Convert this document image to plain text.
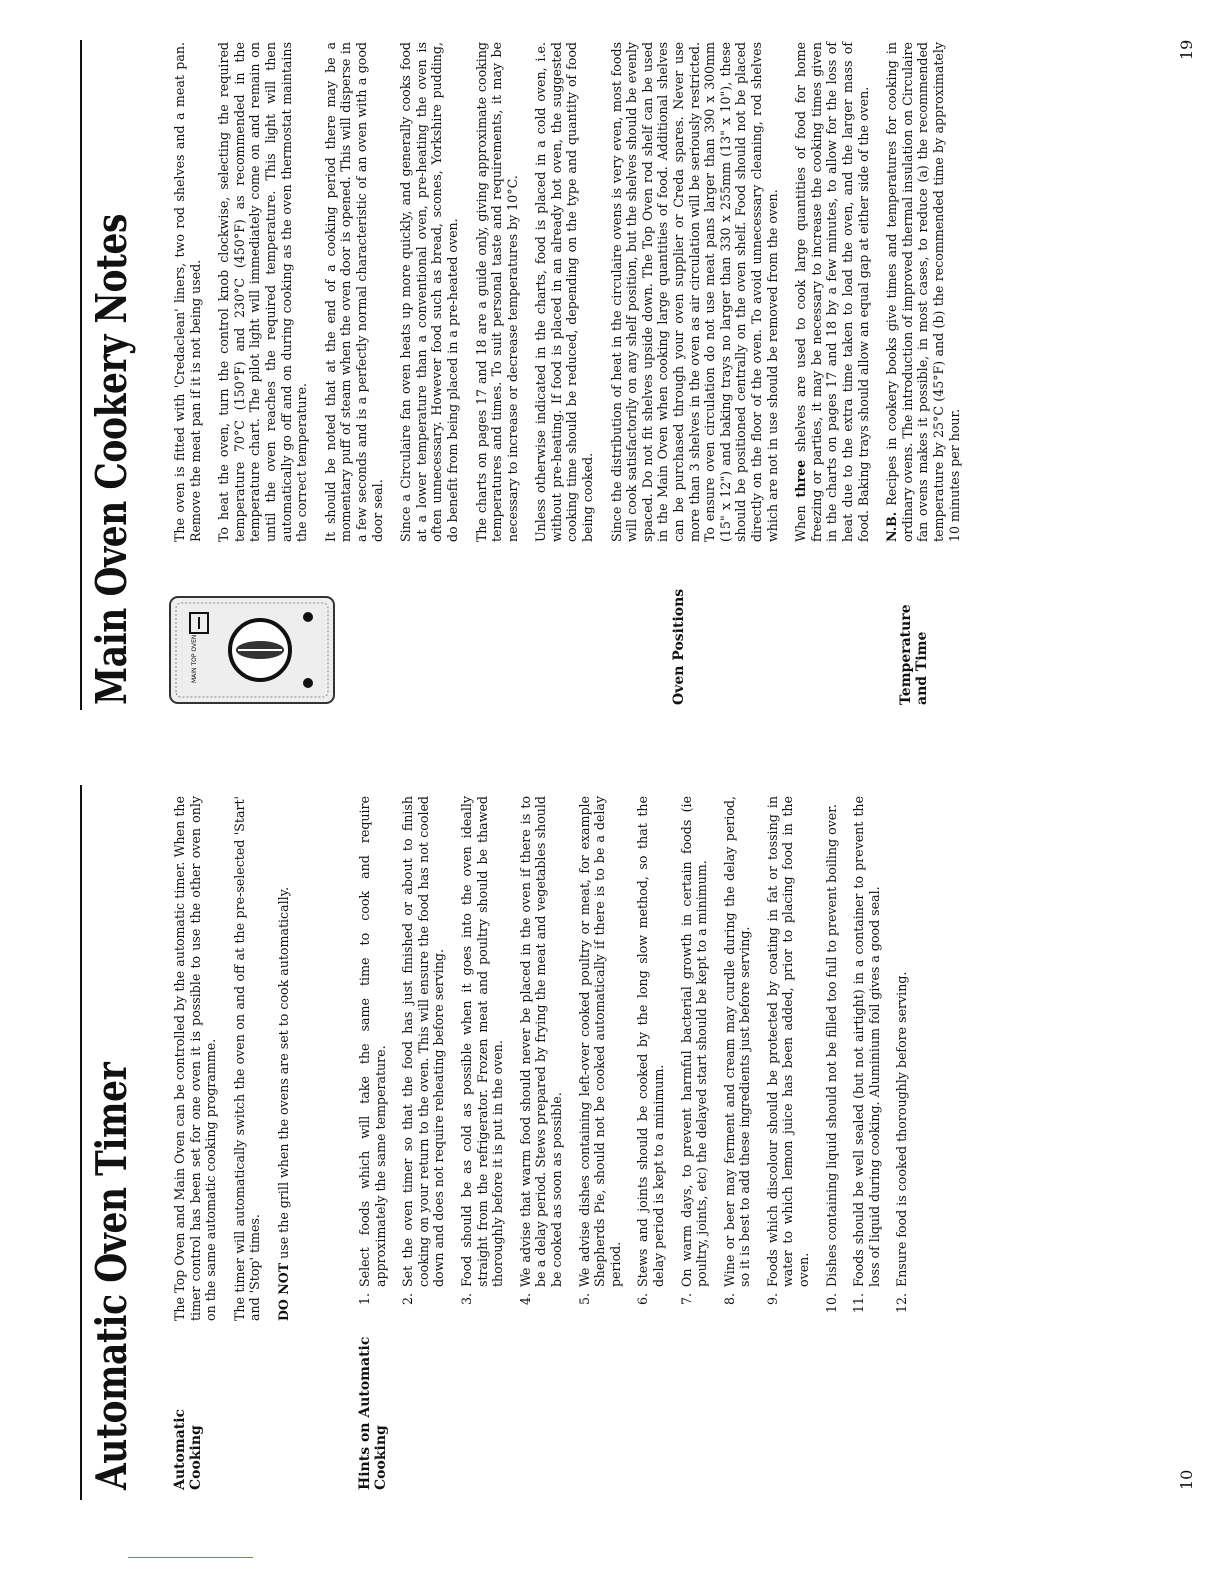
Automatic Oven Timer	Automatic Cooking

The Top Oven and Main Oven can be controlled by the automatic timer. When the timer control has been set for one oven it is possible to use the other oven only on the same automatic cooking programme. The timer will automatically switch the oven on and off at the pre-selected 'Start' and 'Stop' times. DO NOT use the grill when the ovens are set to cook automatically.

Hints on Automatic Cooking
1.
Select foods which will take the same time to cook and require approximately the same temperature.
2.
Set the oven timer so that the food has just finished or about to finish cooking on your return to the oven. This will ensure the food has not cooled down and does not require reheating before serving.
3.
Food should be as cold as possible when it goes into the oven ideally straight from the refrigerator. Frozen meat and poultry should be thawed thoroughly before it is put in the oven.
4.
We advise that warm food should never be placed in the oven if there is to be a delay period. Stews prepared by frying the meat and vegetables should be cooked as soon as possible.
5.
We advise dishes containing left-over cooked poultry or meat, for example Shepherds Pie, should not be cooked automatically if there is to be a delay period.
6.
Stews and joints should be cooked by the long slow method, so that the delay period is kept to a minimum.
7.
On warm days, to prevent harmful bacterial growth in certain foods (ie poultry, joints, etc) the delayed start should be kept to a minimum.
8.
Wine or beer may ferment and cream may curdle during the delay period, so it is best to add these ingredients just before serving.
9.
Foods which discolour should be protected by coating in fat or tossing in water to which lemon juice has been added, prior to placing food in the oven.
10.
Dishes containing liquid should not be filled too full to prevent boiling over.
11.
Foods should be well sealed (but not airtight) in a container to prevent the loss of liquid during cooking. Aluminium foil gives a good seal.
12.
Ensure food is cooked thoroughly before serving.
10
Main Oven Cookery Notes	MAIN TOP OVEN

The oven is fitted with 'Credaclean' liners, two rod shelves and a meat pan. Remove the meat pan if it is not being used. To heat the oven, turn the control knob clockwise, selecting the required temperature 70°C (150°F) and 230°C (450°F) as recommended in the temperature chart. The pilot light will immediately come on and remain on until the oven reaches the required temperature. This light will then automatically go off and on during cooking as the oven thermostat maintains the correct temperature. It should be noted that at the end of a cooking period there may be a momentary puff of steam when the oven door is opened. This will disperse in a few seconds and is a perfectly normal characteristic of an oven with a good door seal. Since a Circulaire fan oven heats up more quickly, and generally cooks food at a lower temperature than a conventional oven, pre-heating the oven is often unnecessary. However food such as bread, scones, Yorkshire pudding, do benefit from being placed in a pre-heated oven. The charts on pages 17 and 18 are a guide only, giving approximate cooking temperatures and times. To suit personal taste and requirements, it may be necessary to increase or decrease temperatures by 10°C. Unless otherwise indicated in the charts, food is placed in a cold oven, i.e. without pre-heating. If food is placed in an already hot oven, the suggested cooking time should be reduced, depending on the type and quantity of food being cooked. Since the distribution of heat in the circulaire ovens is very even, most foods will cook satisfactorily on any shelf position, but the shelves should be evenly spaced. Do not fit shelves upside down. The Top Oven rod shelf can be used in the Main Oven when cooking large quantities of food. Additional shelves can be purchased through your oven supplier or Creda spares. Never use more than 3 shelves in the oven as air circulation will be seriously restricted. To ensure oven circulation do not use meat pans larger than 390 x 300mm (15" x 12") and baking trays no larger than 330 x 255mm (13" x 10"), these should be positioned centrally on the oven shelf. Food should not be placed directly on the floor of the oven. To avoid unnecessary cleaning, rod shelves which are not in use should be removed from the oven. When three shelves are used to cook large quantities of food for home freezing or parties, it may be necessary to increase the cooking times given in the charts on pages 17 and 18 by a few minutes, to allow for the loss of heat due to the extra time taken to load the oven, and the larger mass of food. Baking trays should allow an equal gap at either side of the oven. N.B. Recipes in cookery books give times and temperatures for cooking in ordinary ovens. The introduction of improved thermal insulation on Circulaire fan ovens makes it possible, in most cases, to reduce (a) the recommended temperature by 25°C (45°F) and (b) the recommended time by approximately 10 minutes per hour.

Oven Positions	Temperature and Time
19
